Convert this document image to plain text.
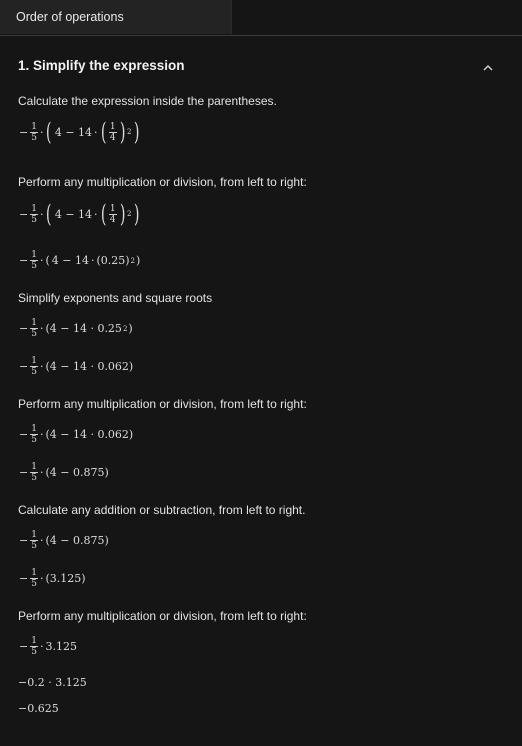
Order of operations
1. Simplify the expression
Calculate the expression inside the parentheses.
− $\frac{1}{5}$ · ( 4 − 14 · ( $\frac{1}{4}$ ) 2 )
Perform any multiplication or division, from left to right:
− $\frac{1}{5}$ · ( 4 − 14 · ( $\frac{1}{4}$ ) 2 )
− $\frac{1}{5}$ · ( 4 − 14 · (0.25) 2 )
Simplify exponents and square roots
− $\frac{1}{5} \cdot (4 - 14 \cdot 0.25$ 2 )
− $\frac{1}{5} \cdot (4 - 14 \cdot 0.062)$
Perform any multiplication or division, from left to right:
− $\frac{1}{5} \cdot (4 - 14 \cdot 0.062)$
− $\frac{1}{5} \cdot (4 - 0.875)$
Calculate any addition or subtraction, from left to right.
− $\frac{1}{5} \cdot (4 - 0.875)$
− $\frac{1}{5} \cdot (3.125)$
Perform any multiplication or division, from left to right:
− $\frac{1}{5} \cdot 3.125$
−0.2 · 3.125
−0.625
